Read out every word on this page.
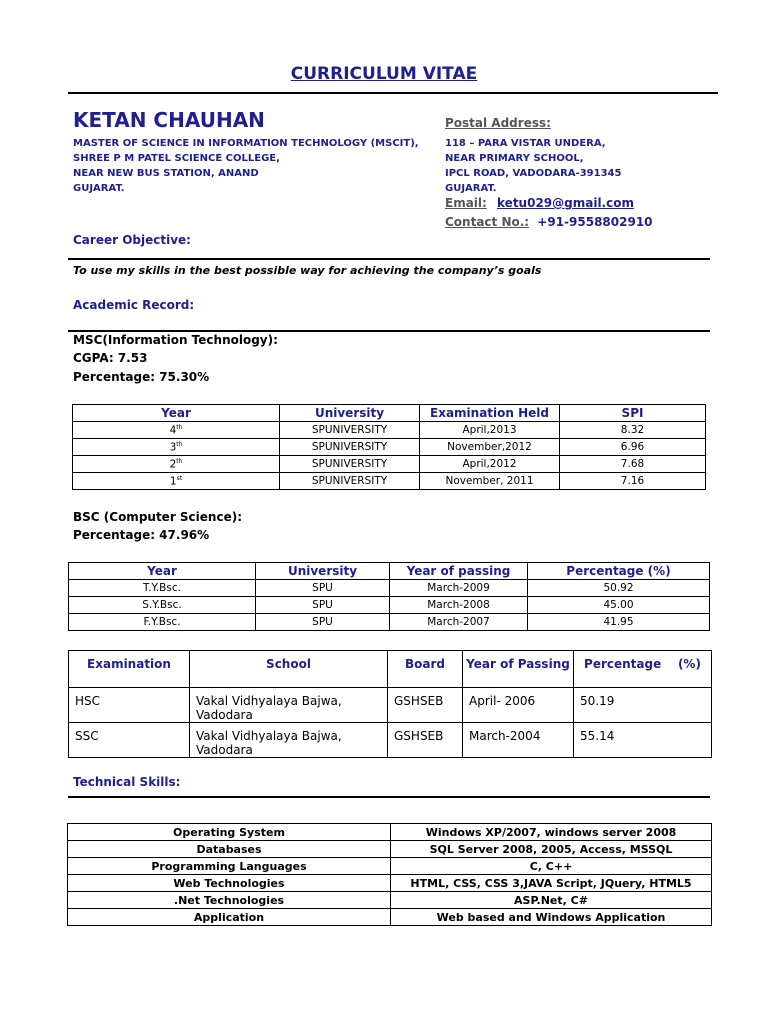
CURRICULUM VITAE
KETAN CHAUHAN
MASTER OF SCIENCE IN INFORMATION TECHNOLOGY (MSCIT),
SHREE P M PATEL SCIENCE COLLEGE,
NEAR NEW BUS STATION, ANAND
GUJARAT.
Postal Address:
118 – PARA VISTAR UNDERA,
NEAR PRIMARY SCHOOL,
IPCL ROAD, VADODARA-391345
GUJARAT.
Email: ketu029@gmail.com
Contact No.: +91-9558802910
Career Objective:
To use my skills in the best possible way for achieving the company’s goals
Academic Record:
MSC(Information Technology):
CGPA: 7.53
Percentage: 75.30%
Year	University	Examination Held	SPI
4th	SPUNIVERSITY	April,2013	8.32
3th	SPUNIVERSITY	November,2012	6.96
2th	SPUNIVERSITY	April,2012	7.68
1st	SPUNIVERSITY	November, 2011	7.16
BSC (Computer Science):
Percentage: 47.96%
Year	University	Year of passing	Percentage (%)
T.Y.Bsc.	SPU	March-2009	50.92
S.Y.Bsc.	SPU	March-2008	45.00
F.Y.Bsc.	SPU	March-2007	41.95
Examination	School	Board	Year of Passing	Percentage    (%)
HSC	Vakal Vidhyalaya Bajwa, Vadodara	GSHSEB	April- 2006	50.19
SSC	Vakal Vidhyalaya Bajwa, Vadodara	GSHSEB	March-2004	55.14
Technical Skills:
Operating System	Windows XP/2007, windows server 2008
Databases	SQL Server 2008, 2005, Access, MSSQL
Programming Languages	C, C++
Web Technologies	HTML, CSS, CSS 3,JAVA Script, JQuery, HTML5
.Net Technologies	ASP.Net, C#
Application	Web based and Windows Application
